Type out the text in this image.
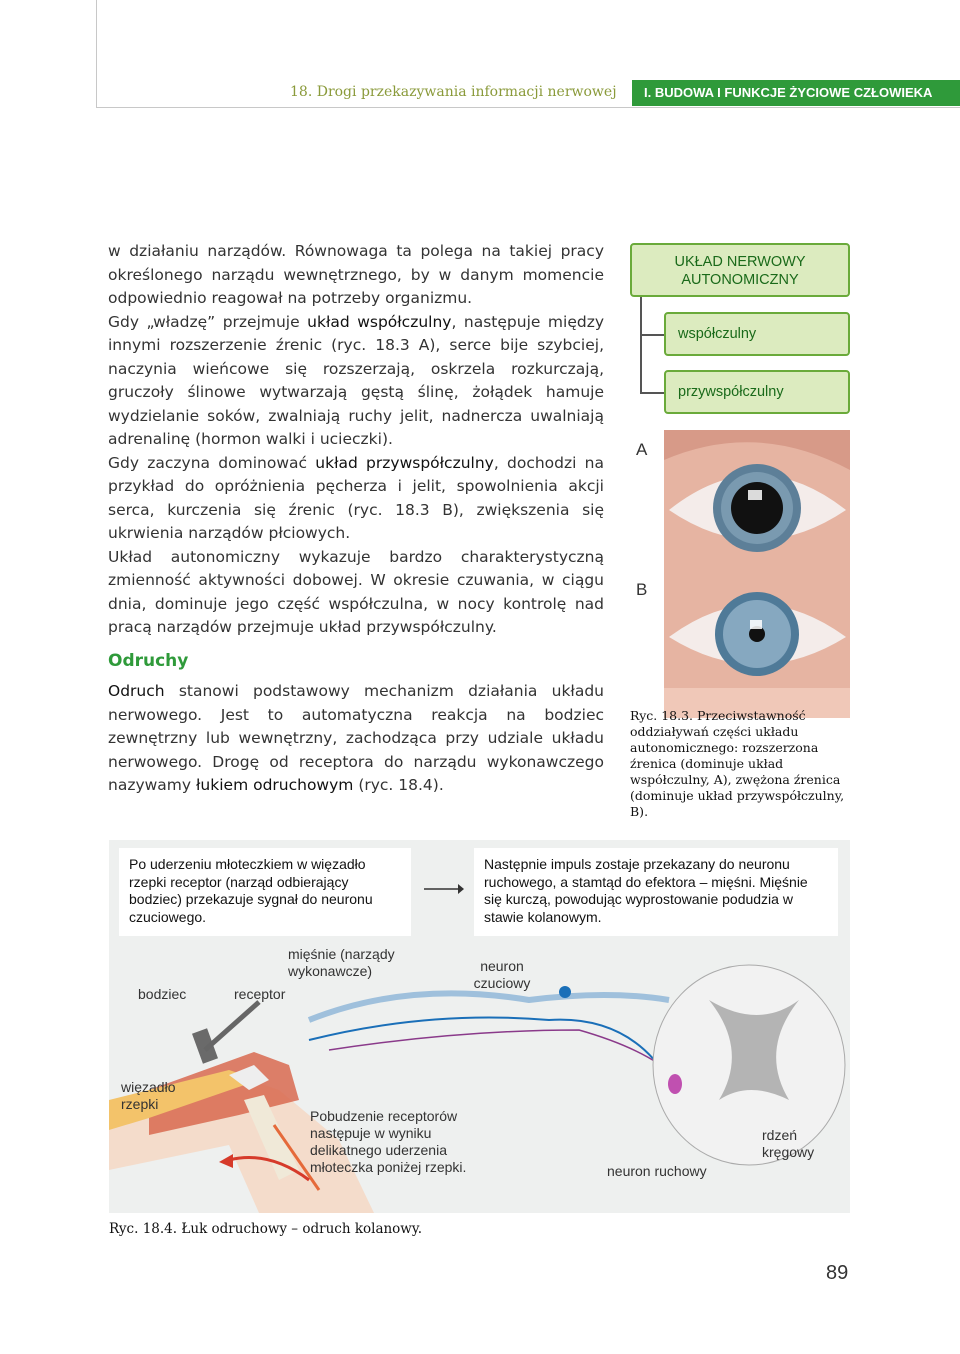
18. Drogi przekazywania informacji nerwowej	I. BUDOWA I FUNKCJE ŻYCIOWE CZŁOWIEKA
w działaniu narządów. Równowaga ta polega na takiej pracy określonego narządu wewnętrznego, by w danym momencie odpowiednio reagował na potrzeby organizmu.
Gdy „władzę” przejmuje układ współczulny, następuje między innymi rozszerzenie źrenic (ryc. 18.3 A), serce bije szybciej, naczynia wieńcowe się rozszerzają, oskrzela rozkurczają, gruczoły ślinowe wytwarzają gęstą ślinę, żołądek hamuje wydzielanie soków, zwalniają ruchy jelit, nadnercza uwalniają adrenalinę (hormon walki i ucieczki).
Gdy zaczyna dominować układ przywspółczulny, dochodzi na przykład do opróżnienia pęcherza i jelit, spowolnienia akcji serca, kurczenia się źrenic (ryc. 18.3 B), zwiększenia się ukrwienia narządów płciowych.
Układ autonomiczny wykazuje bardzo charakterystyczną zmienność aktywności dobowej. W okresie czuwania, w ciągu dnia, dominuje jego część współczulna, w nocy kontrolę nad pracą narządów przejmuje układ przywspółczulny.
Odruchy
Odruch stanowi podstawowy mechanizm działania układu nerwowego. Jest to automatyczna reakcja na bodziec zewnętrzny lub wewnętrzny, zachodząca przy udziale układu nerwowego. Drogę od receptora do narządu wykonawczego nazywamy łukiem odruchowym (ryc. 18.4).
UKŁAD NERWOWY AUTONOMICZNY
współczulny
przywspółczulny
A
B
Ryc. 18.3. Przeciwstawność oddziaływań części układu autonomicznego: rozszerzona źrenica (dominuje układ współczulny, A), zwężona źrenica (dominuje układ przywspółczulny, B).
Po uderzeniu młoteczkiem w więzadło rzepki receptor (narząd odbierający bodziec) przekazuje sygnał do neuronu czuciowego.
Następnie impuls zostaje przekazany do neuronu ruchowego, a stamtąd do efektora – mięśni. Mięśnie się kurczą, powodując wyprostowanie podudzia w stawie kolanowym.
bodziec	receptor
mięśnie (narządy wykonawcze)	neuron czuciowy
więzadło rzepki
Pobudzenie receptorów następuje w wyniku delikatnego uderzenia młoteczka poniżej rzepki.
rdzeń kręgowy
neuron ruchowy
Ryc. 18.4. Łuk odruchowy – odruch kolanowy.
89
